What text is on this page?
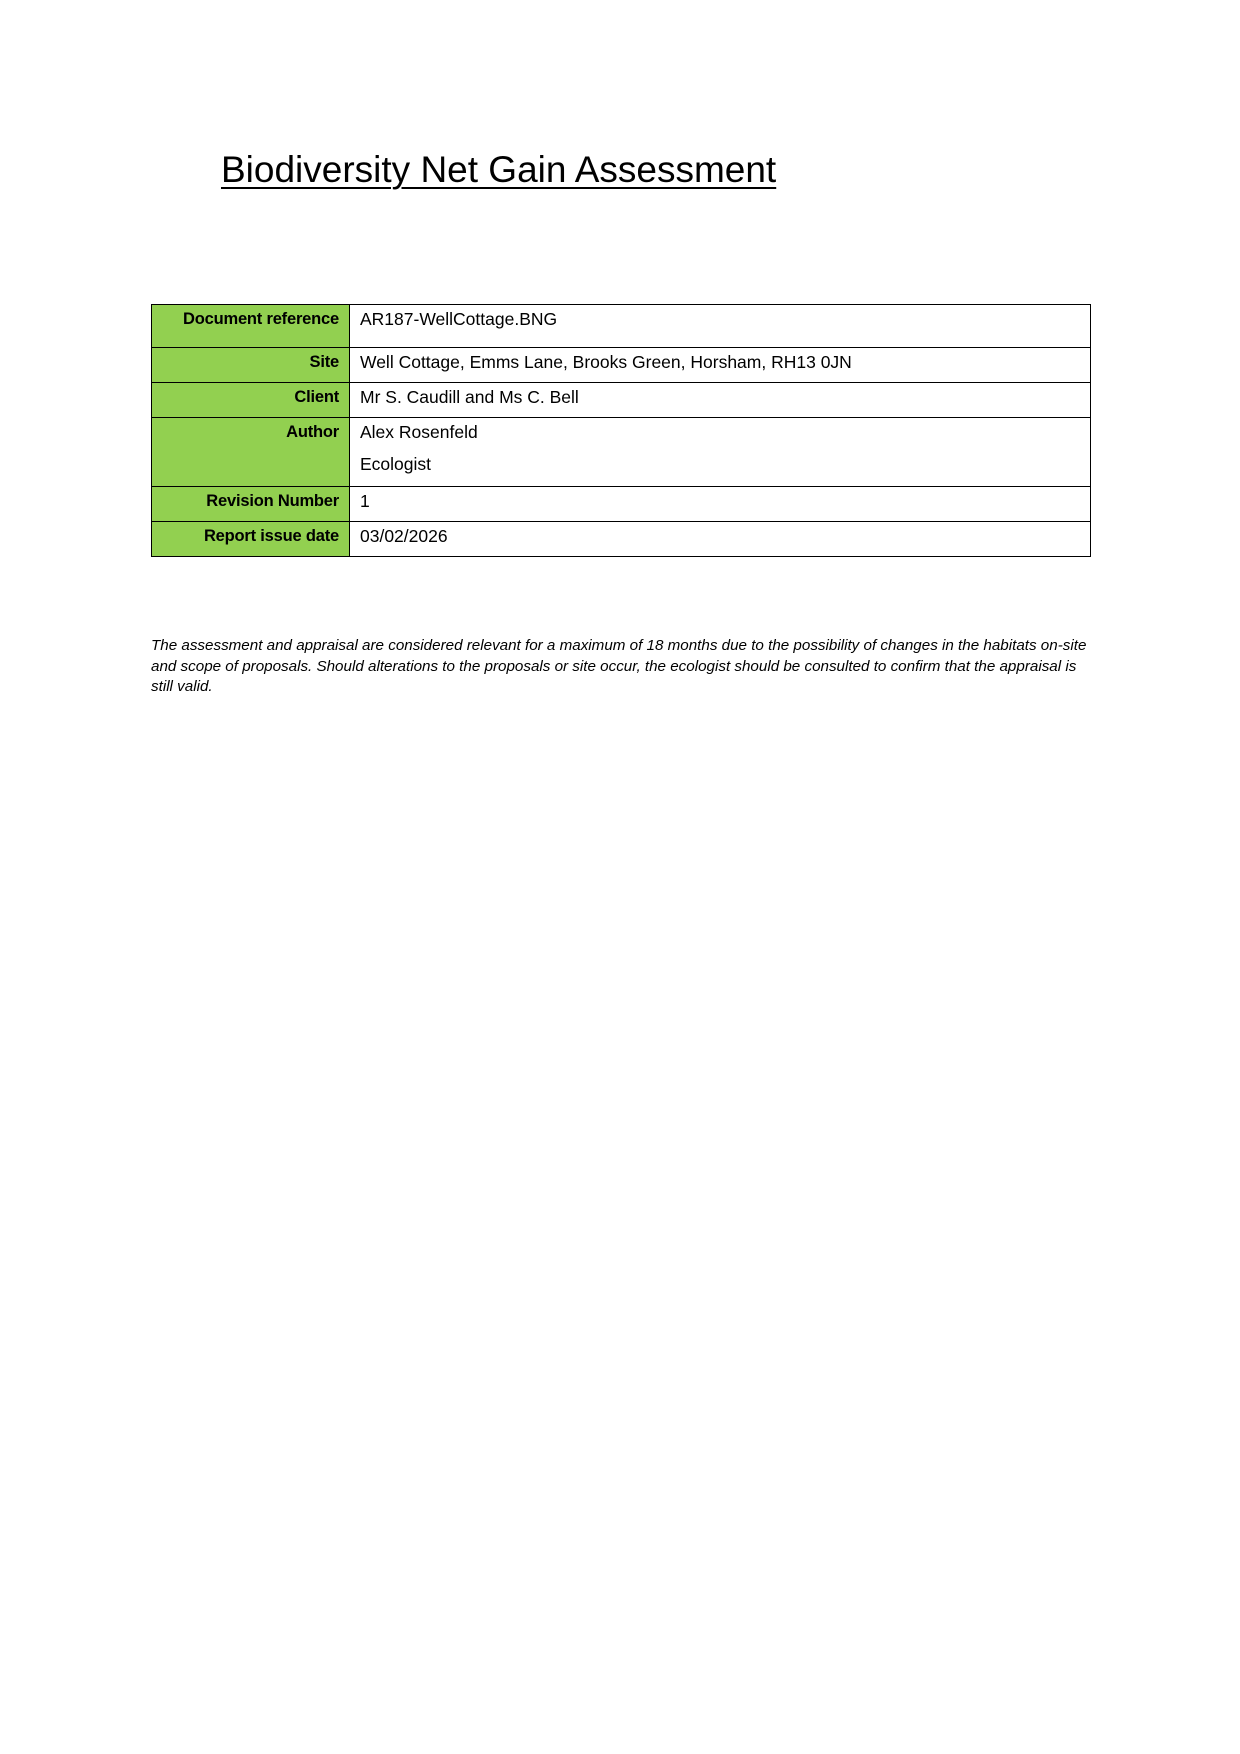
Biodiversity Net Gain Assessment
Document reference	AR187-WellCottage.BNG
Site	Well Cottage, Emms Lane, Brooks Green, Horsham, RH13 0JN
Client	Mr S. Caudill and Ms C. Bell
Author	Alex Rosenfeld
Ecologist

Revision Number	1
Report issue date	03/02/2026

The assessment and appraisal are considered relevant for a maximum of 18 months due to the possibility of changes in the habitats on-site and scope of proposals. Should alterations to the proposals or site occur, the ecologist should be consulted to confirm that the appraisal is still valid.
